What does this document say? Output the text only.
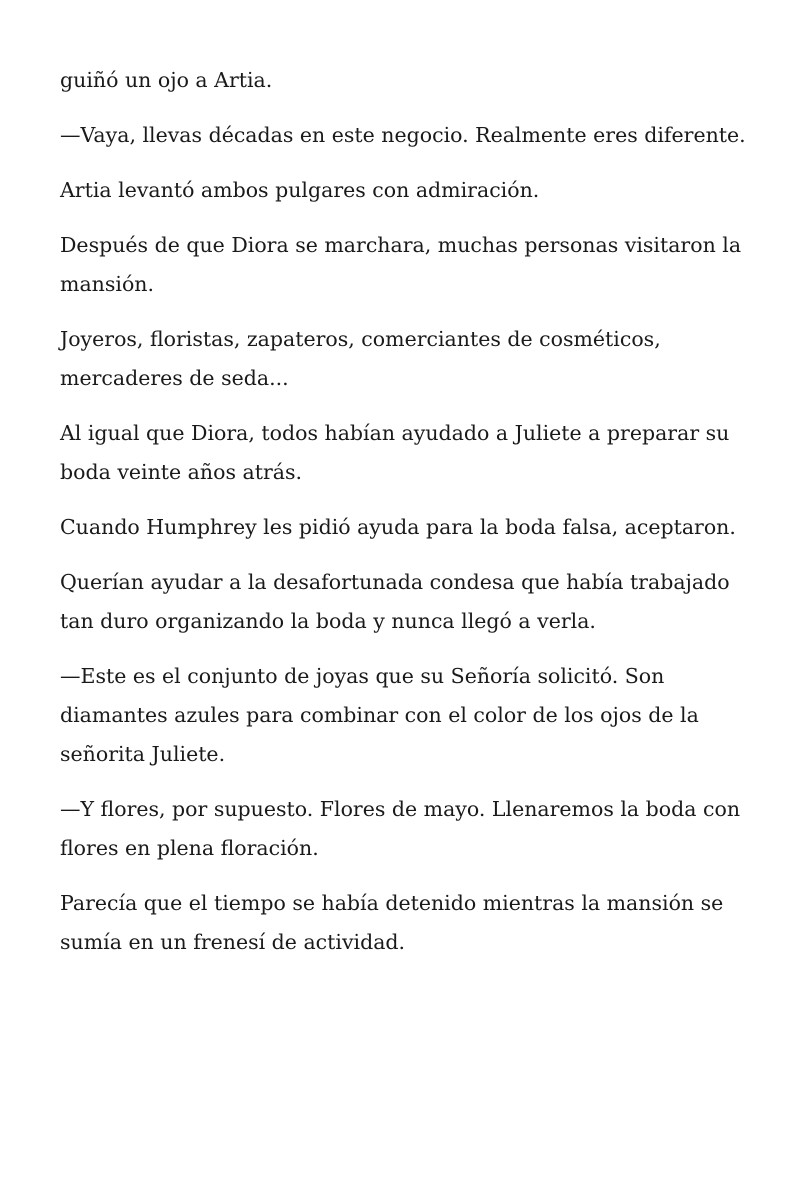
guiñó un ojo a Artia.

—Vaya, llevas décadas en este negocio. Realmente eres diferente.

Artia levantó ambos pulgares con admiración.

Después de que Diora se marchara, muchas personas visitaron la mansión.

Joyeros, floristas, zapateros, comerciantes de cosméticos, mercaderes de seda...

Al igual que Diora, todos habían ayudado a Juliete a preparar su boda veinte años atrás.

Cuando Humphrey les pidió ayuda para la boda falsa, aceptaron.

Querían ayudar a la desafortunada condesa que había trabajado tan duro organizando la boda y nunca llegó a verla.

—Este es el conjunto de joyas que su Señoría solicitó. Son diamantes azules para combinar con el color de los ojos de la señorita Juliete.

—Y flores, por supuesto. Flores de mayo. Llenaremos la boda con flores en plena floración.

Parecía que el tiempo se había detenido mientras la mansión se sumía en un frenesí de actividad.
